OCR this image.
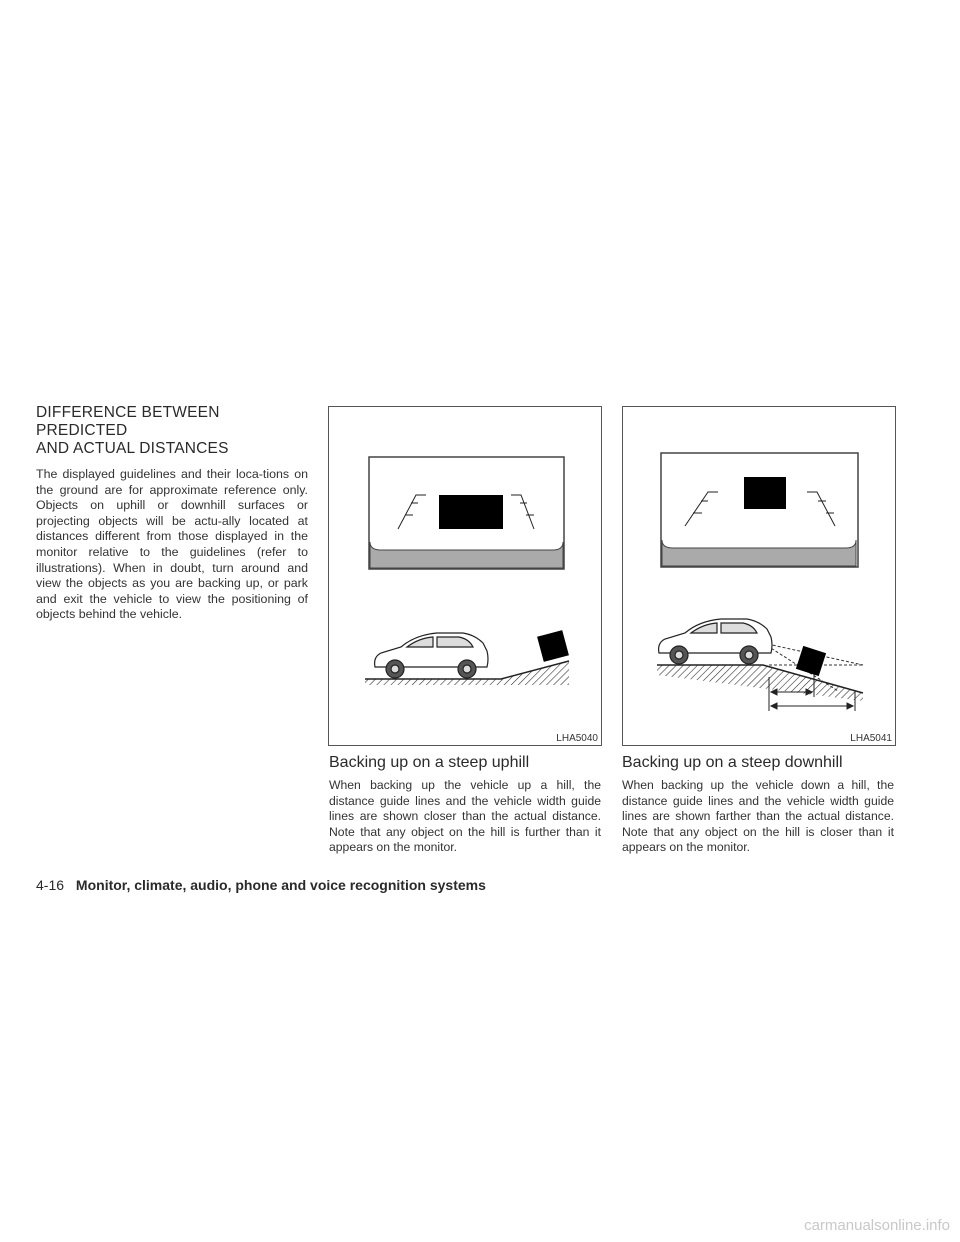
DIFFERENCE BETWEEN PREDICTED
AND ACTUAL DISTANCES

The displayed guidelines and their loca-tions on the ground are for approximate reference only. Objects on uphill or downhill surfaces or projecting objects will be actu-ally located at distances different from those displayed in the monitor relative to the guidelines (refer to illustrations). When in doubt, turn around and view the objects as you are backing up, or park and exit the vehicle to view the positioning of objects behind the vehicle.

LHA5040	LHA5041
Backing up on a steep uphill

When backing up the vehicle up a hill, the distance guide lines and the vehicle width guide lines are shown closer than the actual distance. Note that any object on the hill is further than it appears on the monitor.

Backing up on a steep downhill

When backing up the vehicle down a hill, the distance guide lines and the vehicle width guide lines are shown farther than the actual distance. Note that any object on the hill is closer than it appears on the monitor.

4-16 Monitor, climate, audio, phone and voice recognition systems
carmanualsonline.info
